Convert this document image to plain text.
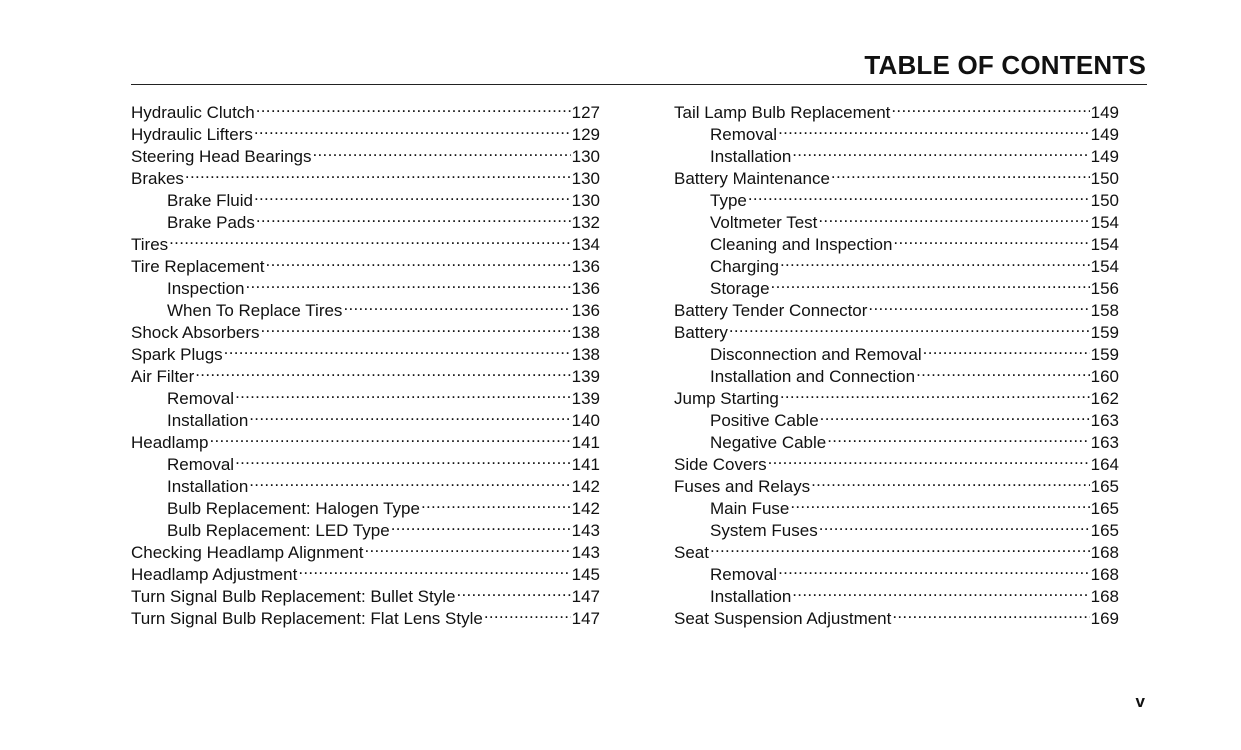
TABLE OF CONTENTS
Hydraulic Clutch .....	127
Hydraulic Lifters .....	129
Steering Head Bearings .....	130
Brakes .....	130
Brake Fluid .....	130
Brake Pads .....	132
Tires .....	134
Tire Replacement .....	136
Inspection .....	136
When To Replace Tires .....	136
Shock Absorbers .....	138
Spark Plugs .....	138
Air Filter .....	139
Removal .....	139
Installation .....	140
Headlamp .....	141
Removal .....	141
Installation .....	142
Bulb Replacement: Halogen Type .....	142
Bulb Replacement: LED Type .....	143
Checking Headlamp Alignment .....	143
Headlamp Adjustment .....	145
Turn Signal Bulb Replacement: Bullet Style .....	147
Turn Signal Bulb Replacement: Flat Lens Style .....	147
Tail Lamp Bulb Replacement .....	149
Removal .....	149
Installation .....	149
Battery Maintenance .....	150
Type .....	150
Voltmeter Test .....	154
Cleaning and Inspection .....	154
Charging .....	154
Storage .....	156
Battery Tender Connector .....	158
Battery .....	159
Disconnection and Removal .....	159
Installation and Connection .....	160
Jump Starting .....	162
Positive Cable .....	163
Negative Cable .....	163
Side Covers .....	164
Fuses and Relays .....	165
Main Fuse .....	165
System Fuses .....	165
Seat .....	168
Removal .....	168
Installation .....	168
Seat Suspension Adjustment .....	169
v
